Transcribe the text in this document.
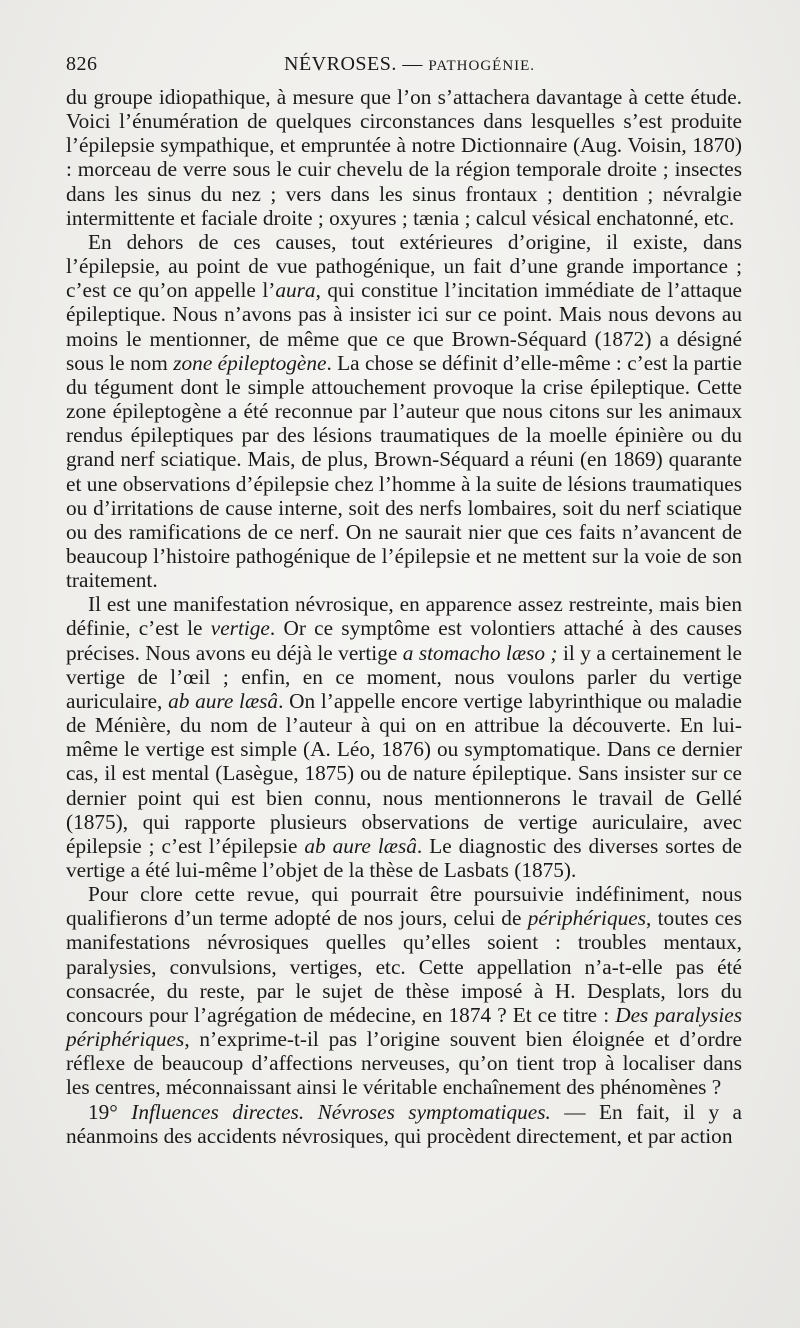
826	NÉVROSES. — PATHOGÉNIE.

du groupe idiopathique, à mesure que l’on s’attachera davantage à cette étude. Voici l’énumération de quelques circonstances dans lesquelles s’est produite l’épilepsie sympathique, et empruntée à notre Dictionnaire (Aug. Voisin, 1870) : morceau de verre sous le cuir chevelu de la région temporale droite ; insectes dans les sinus du nez ; vers dans les sinus frontaux ; dentition ; névralgie intermittente et faciale droite ; oxyures ; tænia ; calcul vésical enchatonné, etc.

En dehors de ces causes, tout extérieures d’origine, il existe, dans l’épilepsie, au point de vue pathogénique, un fait d’une grande importance ; c’est ce qu’on appelle l’aura, qui constitue l’incitation immédiate de l’attaque épileptique. Nous n’avons pas à insister ici sur ce point. Mais nous devons au moins le mentionner, de même que ce que Brown-Séquard (1872) a désigné sous le nom zone épileptogène. La chose se définit d’elle-même : c’est la partie du tégument dont le simple attouchement provoque la crise épileptique. Cette zone épileptogène a été reconnue par l’auteur que nous citons sur les animaux rendus épileptiques par des lésions traumatiques de la moelle épinière ou du grand nerf sciatique. Mais, de plus, Brown-Séquard a réuni (en 1869) quarante et une observations d’épilepsie chez l’homme à la suite de lésions traumatiques ou d’irritations de cause interne, soit des nerfs lombaires, soit du nerf sciatique ou des ramifications de ce nerf. On ne saurait nier que ces faits n’avancent de beaucoup l’histoire pathogénique de l’épilepsie et ne mettent sur la voie de son traitement.

Il est une manifestation névrosique, en apparence assez restreinte, mais bien définie, c’est le vertige. Or ce symptôme est volontiers attaché à des causes précises. Nous avons eu déjà le vertige a stomacho læso ; il y a certainement le vertige de l’œil ; enfin, en ce moment, nous voulons parler du vertige auriculaire, ab aure læsâ. On l’appelle encore vertige labyrinthique ou maladie de Ménière, du nom de l’auteur à qui on en attribue la découverte. En lui-même le vertige est simple (A. Léo, 1876) ou symptomatique. Dans ce dernier cas, il est mental (Lasègue, 1875) ou de nature épileptique. Sans insister sur ce dernier point qui est bien connu, nous mentionnerons le travail de Gellé (1875), qui rapporte plusieurs observations de vertige auriculaire, avec épilepsie ; c’est l’épilepsie ab aure læsâ. Le diagnostic des diverses sortes de vertige a été lui-même l’objet de la thèse de Lasbats (1875).

Pour clore cette revue, qui pourrait être poursuivie indéfiniment, nous qualifierons d’un terme adopté de nos jours, celui de périphériques, toutes ces manifestations névrosiques quelles qu’elles soient : troubles mentaux, paralysies, convulsions, vertiges, etc. Cette appellation n’a-t-elle pas été consacrée, du reste, par le sujet de thèse imposé à H. Desplats, lors du concours pour l’agrégation de médecine, en 1874 ? Et ce titre : Des paralysies périphériques, n’exprime-t-il pas l’origine souvent bien éloignée et d’ordre réflexe de beaucoup d’affections nerveuses, qu’on tient trop à localiser dans les centres, méconnaissant ainsi le véritable enchaînement des phénomènes ?

19° Influences directes. Névroses symptomatiques. — En fait, il y a néanmoins des accidents névrosiques, qui procèdent directement, et par action
